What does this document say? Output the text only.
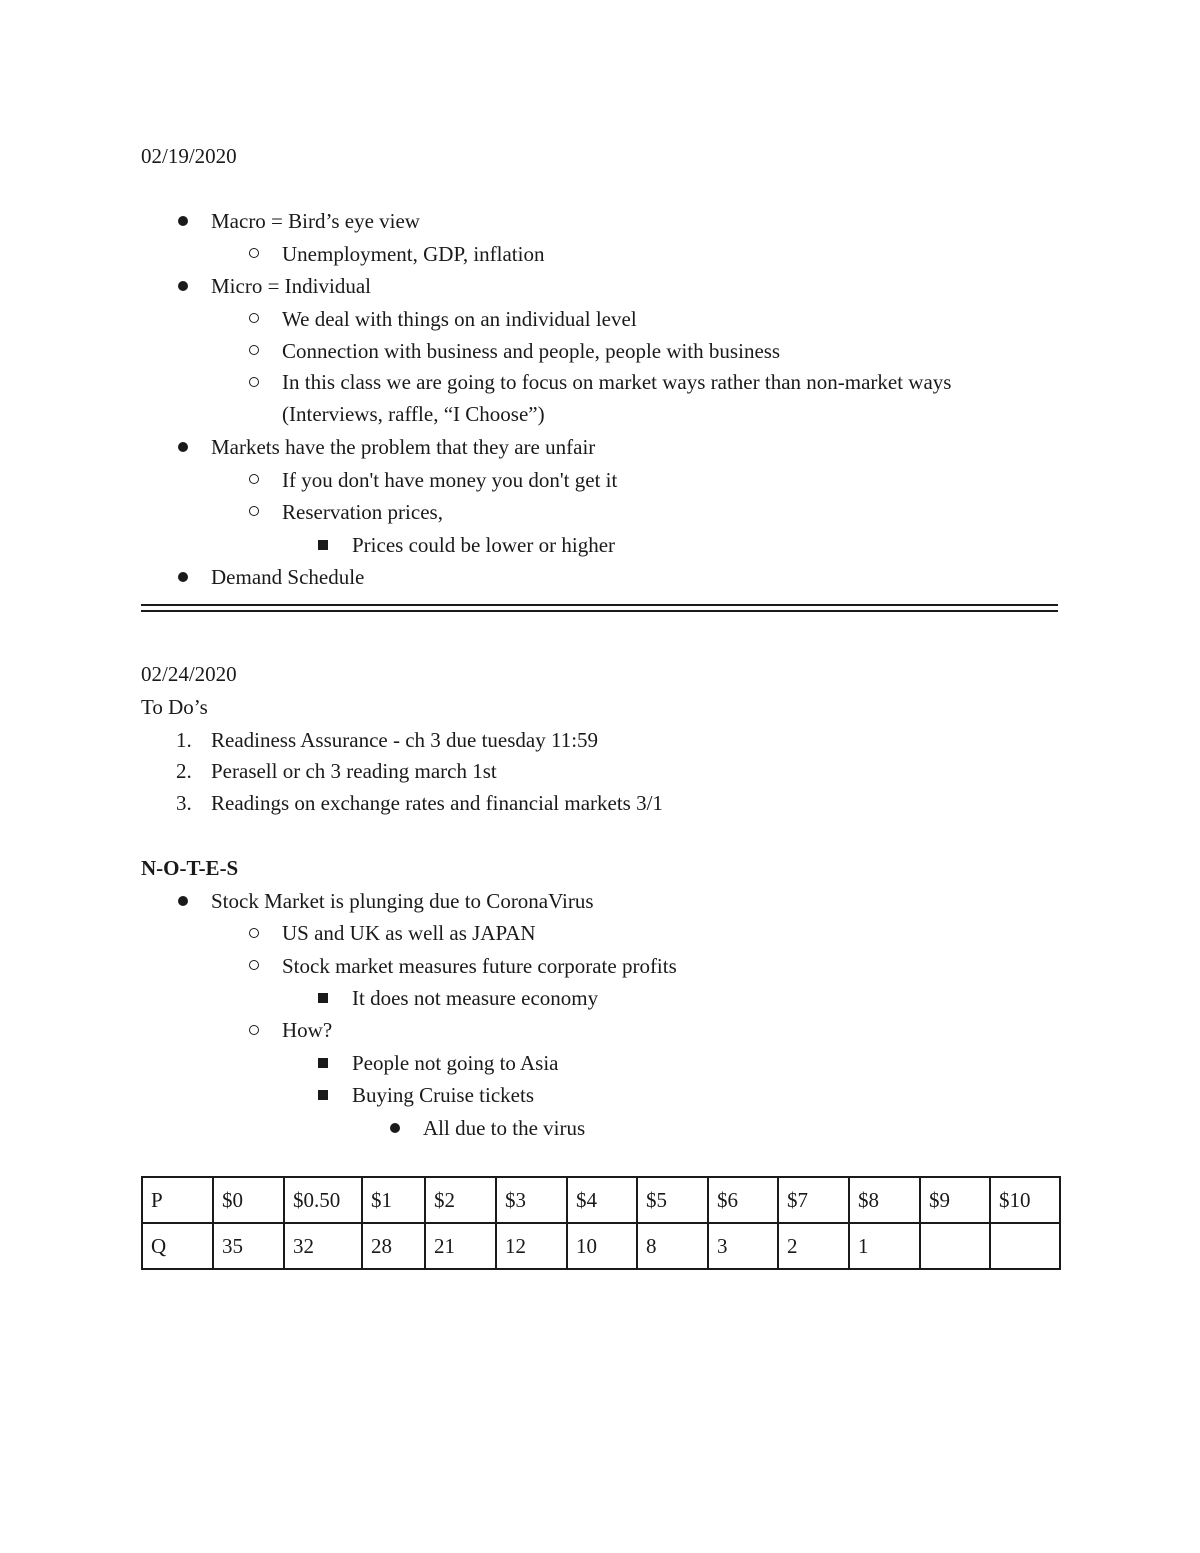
02/19/2020
Macro = Bird’s eye view
Unemployment, GDP, inflation
Micro = Individual
We deal with things on an individual level
Connection with business and people, people with business
In this class we are going to focus on market ways rather than non-market ways
(Interviews, raffle, “I Choose”)
Markets have the problem that they are unfair
If you don't have money you don't get it
Reservation prices,
Prices could be lower or higher
Demand Schedule
02/24/2020
To Do’s
1. Readiness Assurance - ch 3 due tuesday 11:59
2. Perasell or ch 3 reading march 1st
3. Readings on exchange rates and financial markets 3/1
N-O-T-E-S
Stock Market is plunging due to CoronaVirus
US and UK as well as JAPAN
Stock market measures future corporate profits
It does not measure economy
How?
People not going to Asia
Buying Cruise tickets
All due to the virus
P	$0	$0.50	$1	$2	$3	$4	$5	$6	$7	$8	$9	$10
Q	35	32	28	21	12	10	8	3	2	1		
